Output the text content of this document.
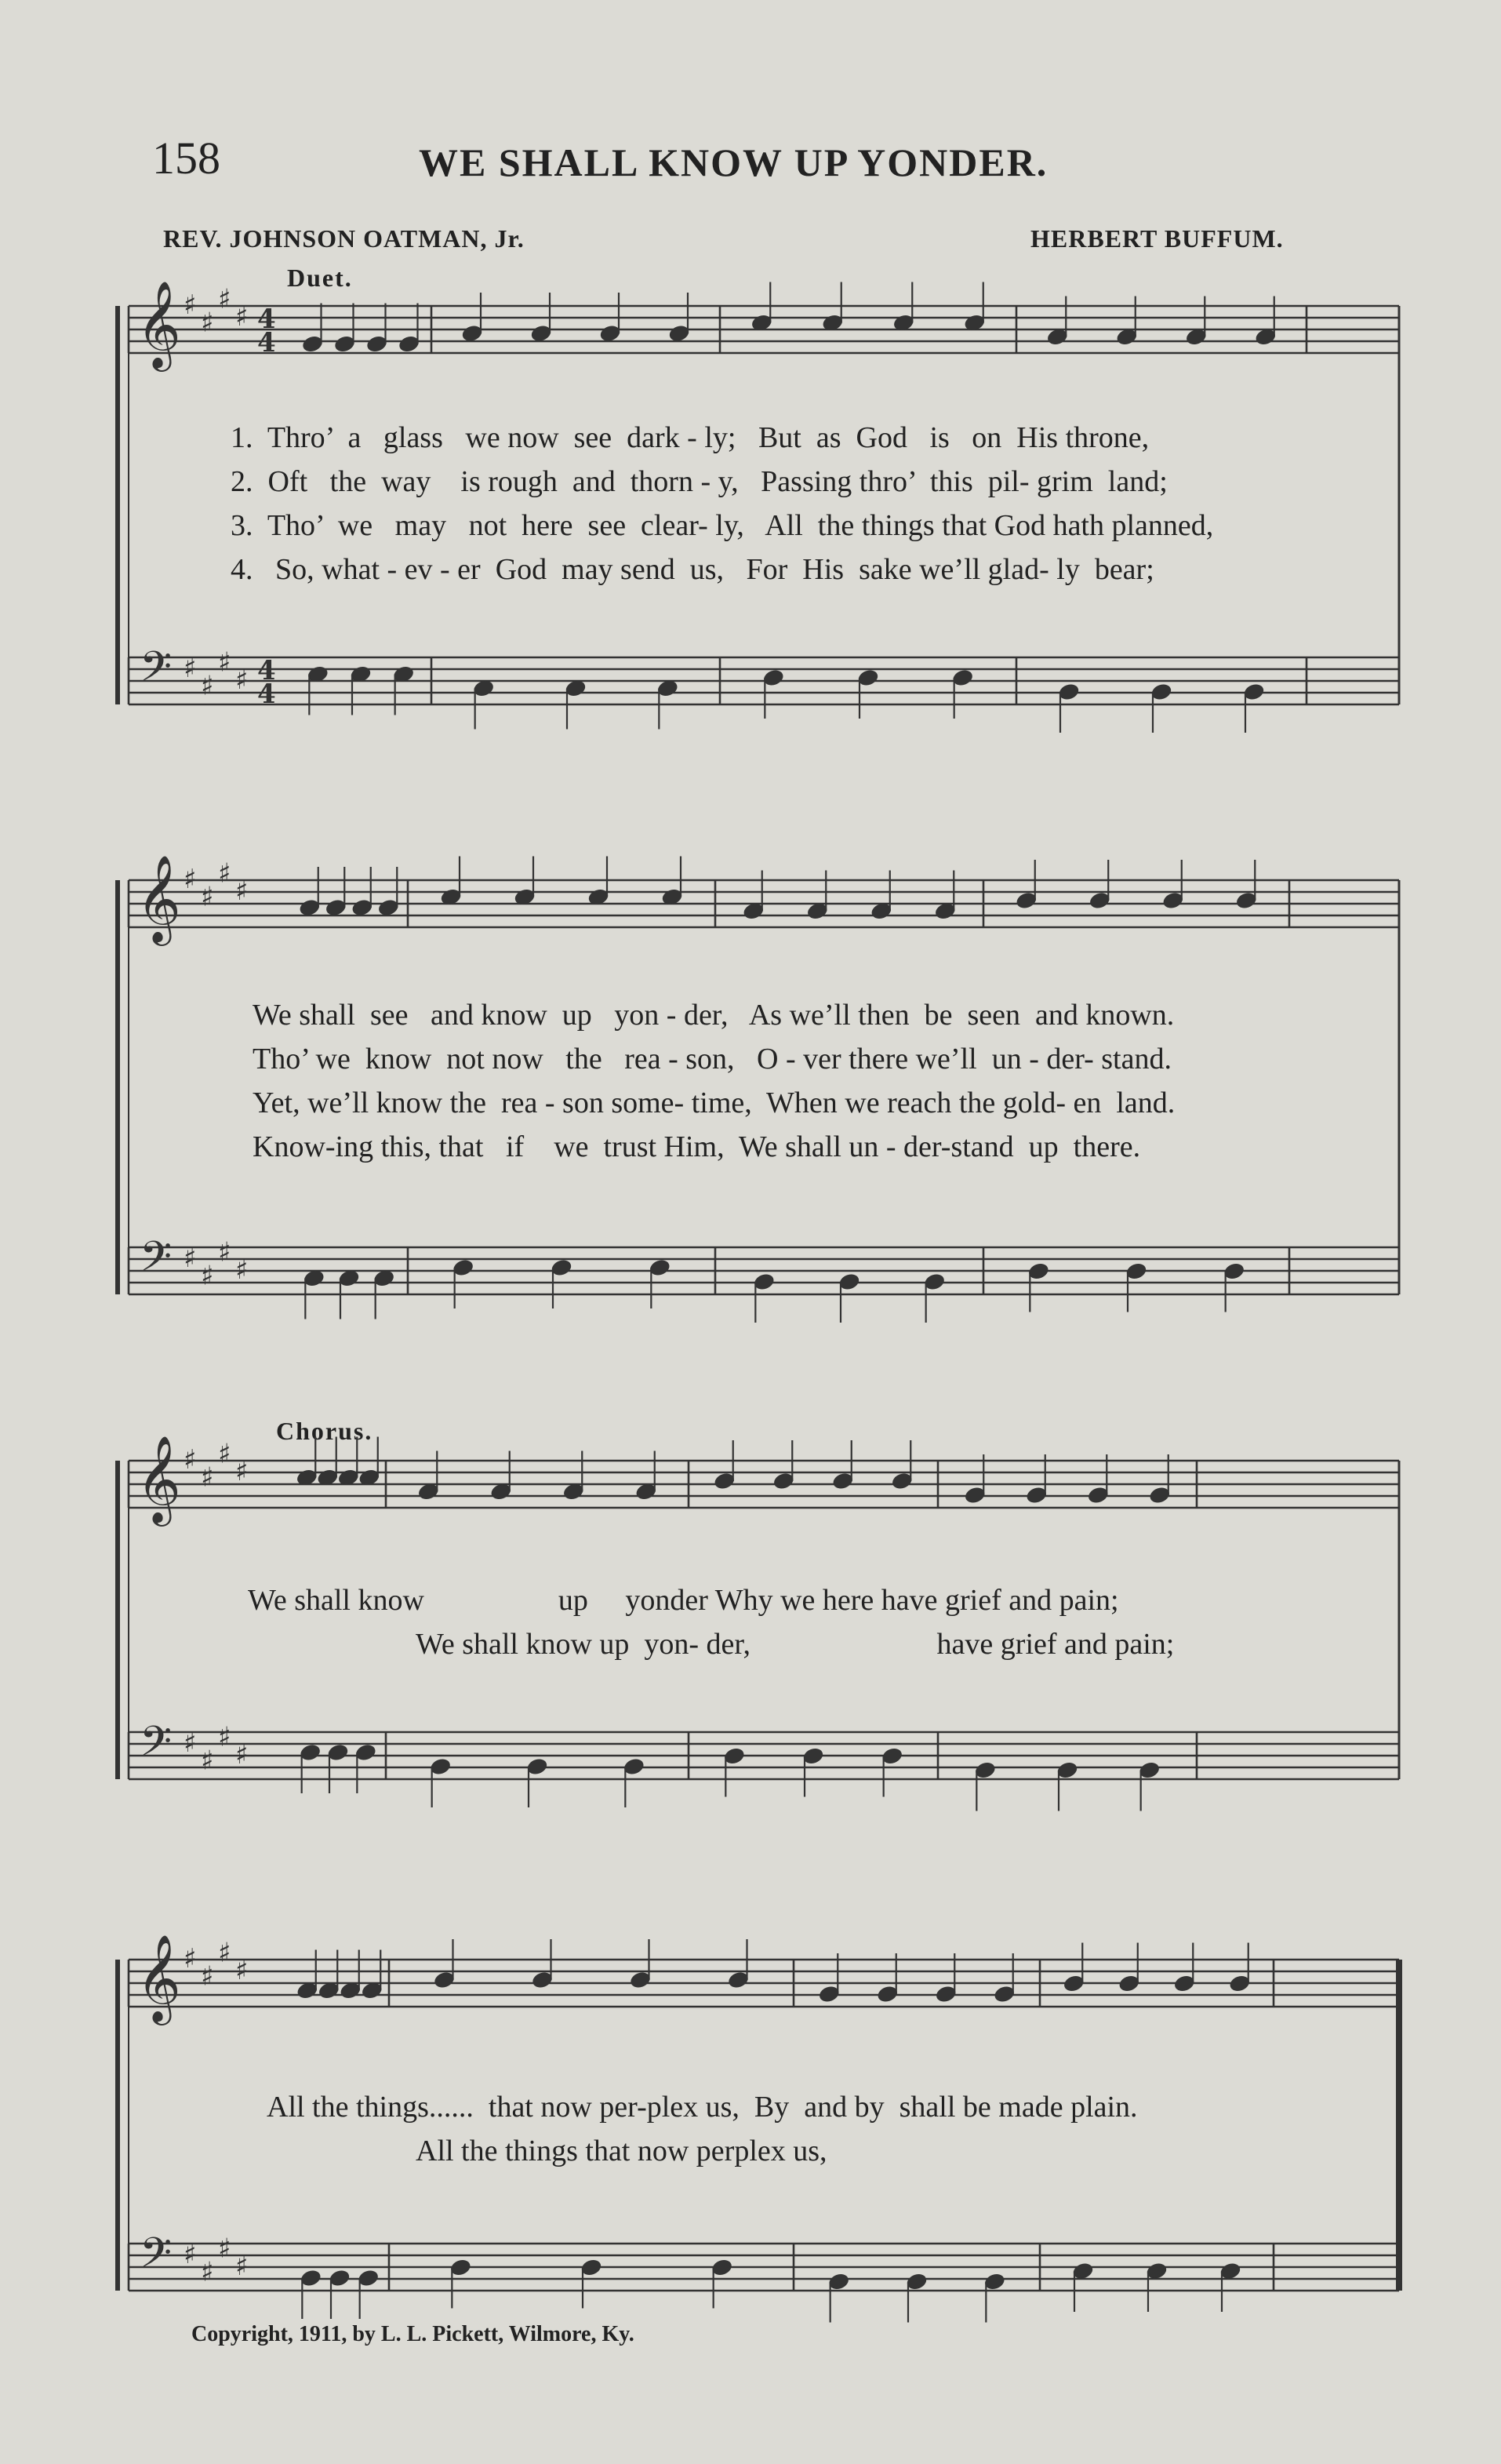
158	WE SHALL KNOW UP YONDER.
REV. JOHNSON OATMAN, Jr.	HERBERT BUFFUM.
Duet.
Chorus.
𝄞
𝄢
♯
♯
♯
♯
♯
♯
♯
♯
4
4
4
4
𝄞
𝄢
♯
♯
♯
♯
♯
♯
♯
♯
𝄞
𝄢
♯
♯
♯
♯
♯
♯
♯
♯
𝄞
𝄢
♯
♯
♯
♯
♯
♯
♯
♯
1.  Thro’  a   glass   we now  see  dark - ly;   But  as  God   is   on  His throne,
2.  Oft   the  way    is rough  and  thorn - y,   Passing thro’  this  pil- grim  land;
3.  Tho’  we   may   not  here  see  clear- ly,   All  the things that God hath planned,
4.   So, what - ev - er  God  may send  us,   For  His  sake we’ll glad- ly  bear;
We shall  see   and know  up   yon - der,   As we’ll then  be  seen  and known.
Tho’ we  know  not now   the   rea - son,   O - ver there we’ll  un - der- stand.
Yet, we’ll know the  rea - son some- time,  When we reach the gold- en  land.
Know-ing this, that   if    we  trust Him,  We shall un - der-stand  up  there.
We shall know                  up     yonder Why we here have grief and pain;
We shall know up  yon- der,                         have grief and pain;
All the things......  that now per-plex us,  By  and by  shall be made plain.
All the things that now perplex us,
Copyright, 1911, by L. L. Pickett, Wilmore, Ky.
